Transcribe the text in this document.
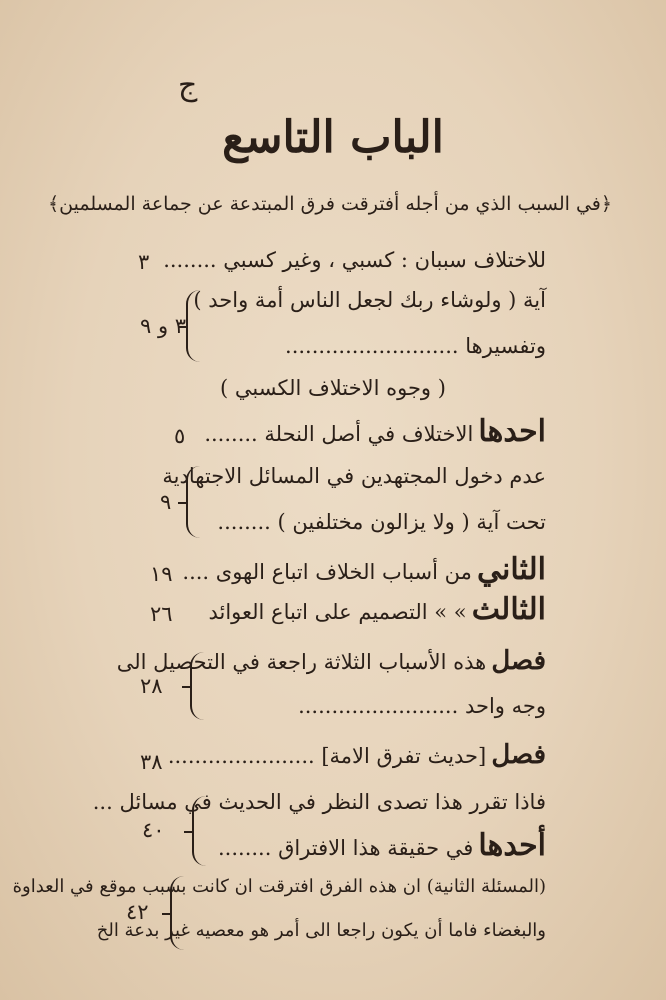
ج
الباب التاسع
﴿في السبب الذي من أجله أفترقت فرق المبتدعة عن جماعة المسلمين﴾
للاختلاف سببان : كسبي ، وغير كسبي ........
٣
آية ( ولوشاء ربك لجعل الناس أمة واحد )
وتفسيرها ..........................
٣ و ٩
( وجوه الاختلاف الكسبي )
احدها الاختلاف في أصل النحلة ........
٥
عدم دخول المجتهدين في المسائل الاجتهادية
تحت آية ( ولا يزالون مختلفين ) ........
٩
الثاني من أسباب الخلاف اتباع الهوى ....
١٩
الثالث » » التصميم على اتباع العوائد
٢٦
فصل هذه الأسباب الثلاثة راجعة في التحصيل الى
وجه واحد ........................
٢٨
فصل [حديث تفرق الامة] ......................
٣٨
فاذا تقرر هذا تصدى النظر في الحديث في مسائل ...
أحدها في حقيقة هذا الافتراق ........
٤٠
(المسئلة الثانية) ان هذه الفرق افترقت ان كانت بسبب موقع في العداوة
والبغضاء فاما أن يكون راجعا الى أمر هو معصيه غير بدعة الخ
٤٢
